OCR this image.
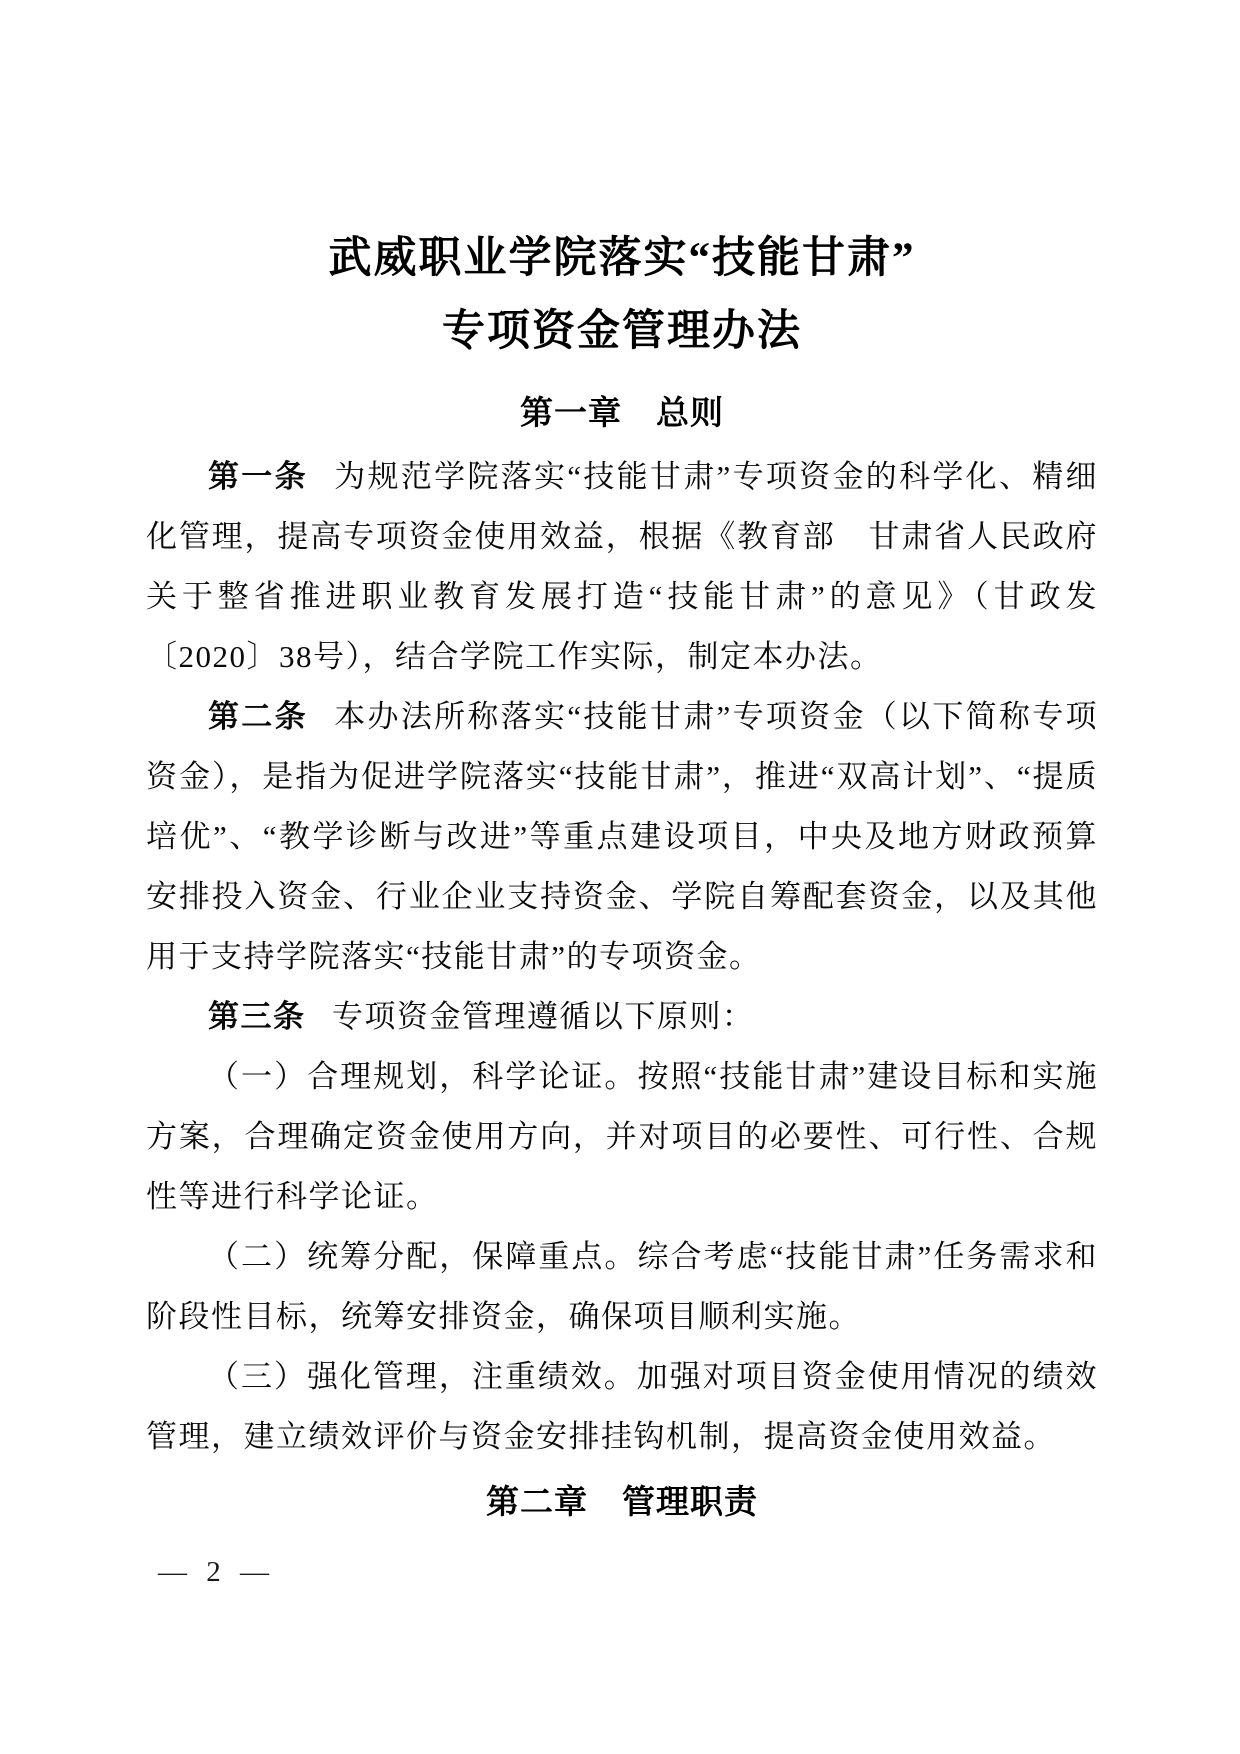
武威职业学院落实“技能甘肃”
专项资金管理办法
第一章　总则

第一条 为规范学院落实“技能甘肃”专项资金的科学化、精细化管理，提高专项资金使用效益，根据《教育部　甘肃省人民政府关于整省推进职业教育发展打造“技能甘肃”的意见》（甘政发〔2020〕38号），结合学院工作实际，制定本办法。

第二条 本办法所称落实“技能甘肃”专项资金（以下简称专项资金），是指为促进学院落实“技能甘肃”，推进“双高计划”、“提质培优”、“教学诊断与改进”等重点建设项目，中央及地方财政预算安排投入资金、行业企业支持资金、学院自筹配套资金，以及其他用于支持学院落实“技能甘肃”的专项资金。

第三条 专项资金管理遵循以下原则：

（一）合理规划，科学论证。按照“技能甘肃”建设目标和实施方案，合理确定资金使用方向，并对项目的必要性、可行性、合规性等进行科学论证。

（二）统筹分配，保障重点。综合考虑“技能甘肃”任务需求和阶段性目标，统筹安排资金，确保项目顺利实施。

（三）强化管理，注重绩效。加强对项目资金使用情况的绩效管理，建立绩效评价与资金安排挂钩机制，提高资金使用效益。

第二章　管理职责
— 2 —
